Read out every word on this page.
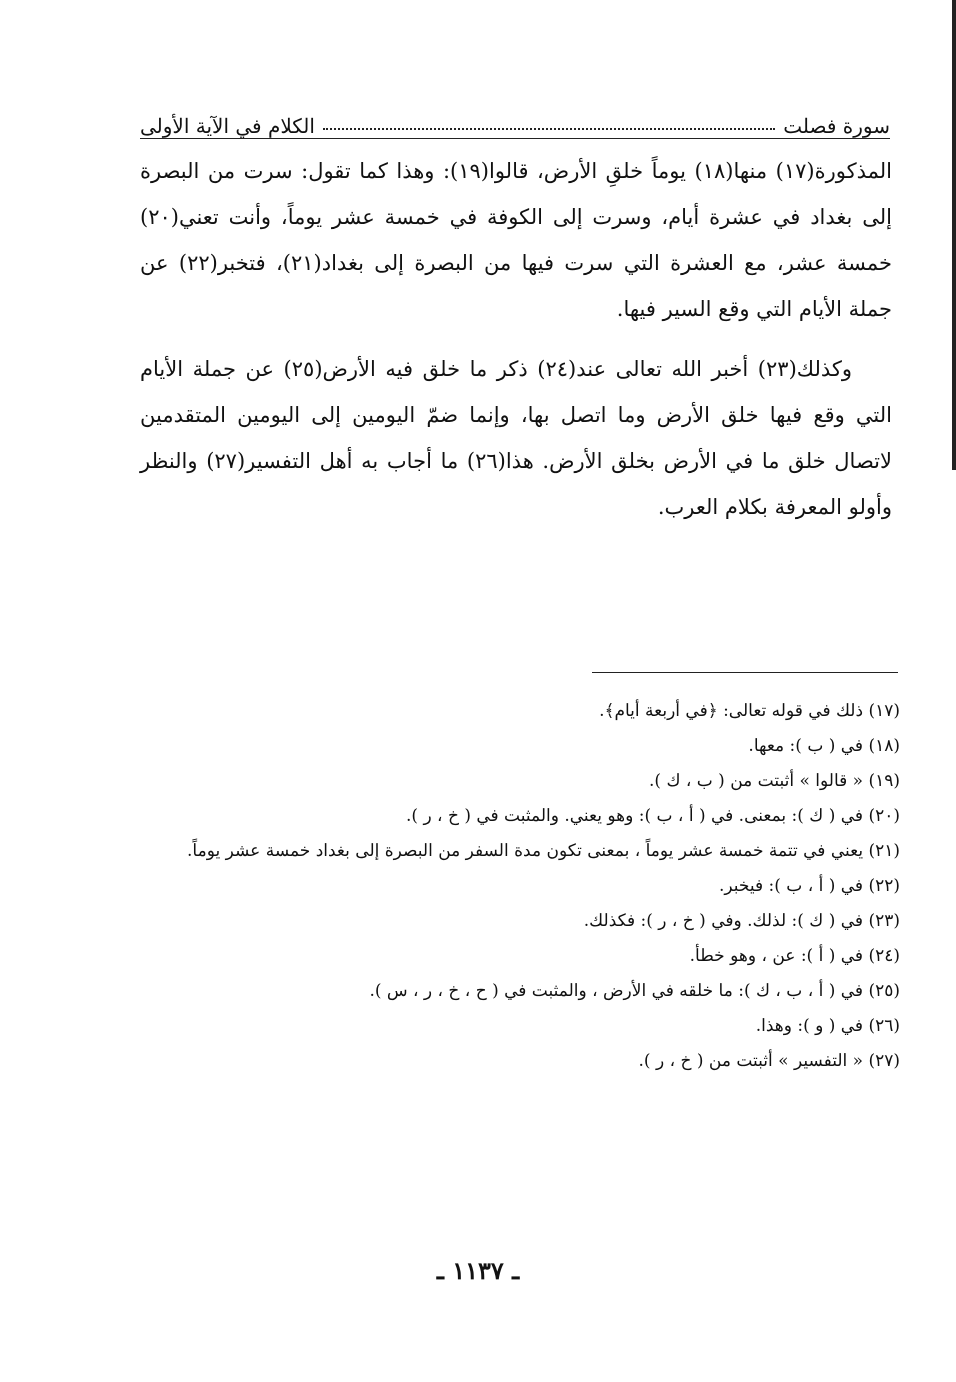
سورة فصلت
الكلام في الآية الأولى

المذكورة(١٧) منها(١٨) يوماً خلقِ الأرض، قالوا(١٩): وهذا كما تقول: سرت من البصرة إلى بغداد في عشرة أيام، وسرت إلى الكوفة في خمسة عشر يوماً، وأنت تعني(٢٠) خمسة عشر، مع العشرة التي سرت فيها من البصرة إلى بغداد(٢١)، فتخبر(٢٢) عن جملة الأيام التي وقع السير فيها.

وكذلك(٢٣) أخبر الله تعالى عند(٢٤) ذكر ما خلق فيه الأرض(٢٥) عن جملة الأيام التي وقع فيها خلق الأرض وما اتصل بها، وإنما ضمّ اليومين إلى اليومين المتقدمين لاتصال خلق ما في الأرض بخلق الأرض. هذا(٢٦) ما أجاب به أهل التفسير(٢٧) والنظر وأولو المعرفة بكلام العرب.

(١٧) ذلك في قوله تعالى: ﴿في أربعة أيام﴾.

(١٨) في ( ب ): معها.

(١٩) « قالوا » أثبتت من ( ب ، ك ).

(٢٠) في ( ك ): بمعنى. في ( أ ، ب ): وهو يعني. والمثبت في ( خ ، ر ).

(٢١) يعني في تتمة خمسة عشر يوماً ، بمعنى تكون مدة السفر من البصرة إلى بغداد خمسة عشر يوماً.

(٢٢) في ( أ ، ب ): فيخبر.

(٢٣) في ( ك ): لذلك. وفي ( خ ، ر ): فكذلك.

(٢٤) في ( أ ): عن ، وهو خطأ.

(٢٥) في ( أ ، ب ، ك ): ما خلقه في الأرض ، والمثبت في ( ح ، خ ، ر ، س ).

(٢٦) في ( و ): وهذا.

(٢٧) « التفسير » أثبتت من ( خ ، ر ).

ـ ١١٣٧ ـ
